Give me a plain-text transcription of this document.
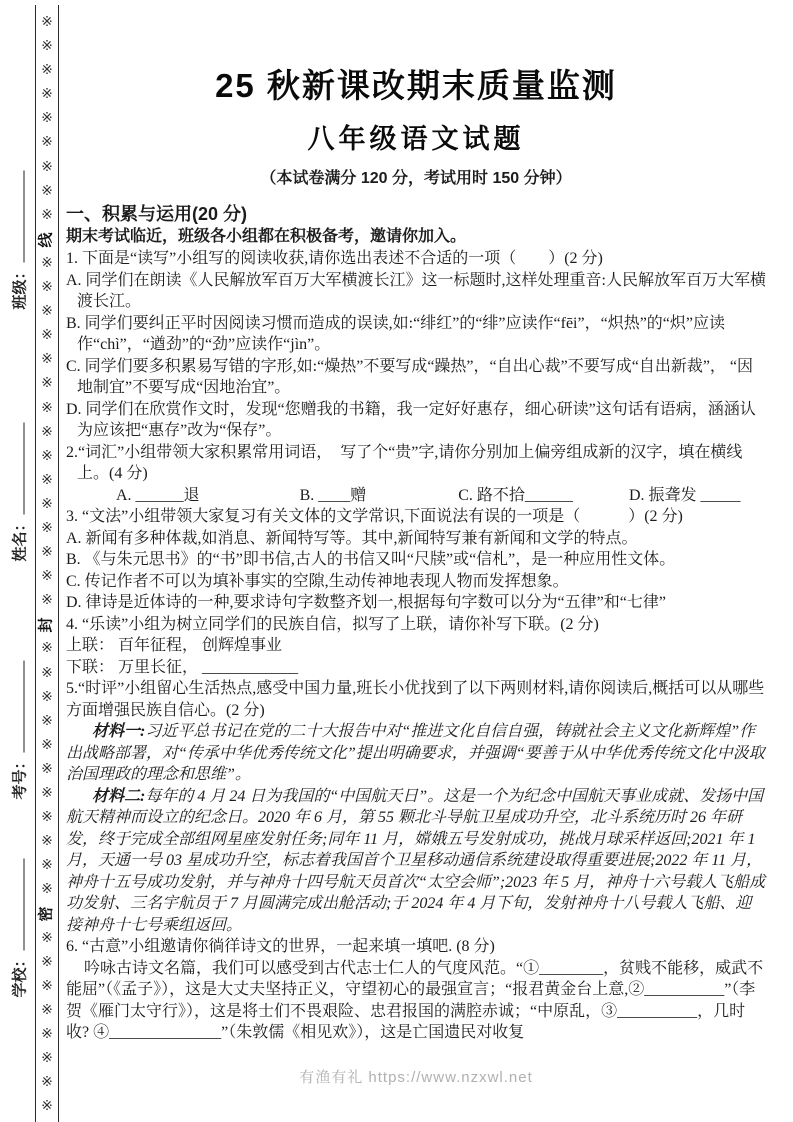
班级：
姓名：
考号：
学校：
※
※
※
※
※
※
※
※
※
线
※
※
※
※
※
※
※
※
※
※
※
※
※
※
※
封
※
※
※
※
※
※
※
※
※
※
※
密
※
※
※
※
※
※
※
※
25 秋新课改期末质量监测
八年级语文试题
（本试卷满分 120 分，考试用时 150 分钟）
一、积累与运用(20 分)
期末考试临近，班级各小组都在积极备考，邀请你加入。

1. 下面是“读写”小组写的阅读收获,请你选出表述不合适的一项（　　）(2 分)

A. 同学们在朗读《人民解放军百万大军横渡长江》这一标题时,这样处理重音:人民解放军百万大军横渡长江。

B. 同学们要纠正平时因阅读习惯而造成的误读,如:“绯红”的“绯”应读作“fēi”，“炽热”的“炽”应读作“chì”，“遒劲”的“劲”应读作“jìn”。

C. 同学们要多积累易写错的字形,如:“燥热”不要写成“躁热”，“自出心裁”不要写成“自出新裁”， “因地制宜”不要写成“因地治宜”。

D. 同学们在欣赏作文时，发现“您赠我的书籍，我一定好好惠存，细心研读”这句话有语病，涵涵认为应该把“惠存”改为“保存”。

2.“词汇”小组带领大家积累常用词语，　写了个“贵”字,请你分别加上偏旁组成新的汉字，填在横线上。(4 分)

A. ______退	B. ____赠	C. 路不拾______	D. 振聋发 _____

3. “文法”小组带领大家复习有关文体的文学常识,下面说法有误的一项是（　　　）(2 分)

A. 新闻有多种体裁,如消息、新闻特写等。其中,新闻特写兼有新闻和文学的特点。

B. 《与朱元思书》的“书”即书信,古人的书信又叫“尺牍”或“信札”，是一种应用性文体。

C. 传记作者不可以为填补事实的空隙,生动传神地表现人物而发挥想象。

D. 律诗是近体诗的一种,要求诗句字数整齐划一,根据每句字数可以分为“五律”和“七律”

4. “乐读”小组为树立同学们的民族自信，拟写了上联，请你补写下联。(2 分)

上联： 百年征程， 创辉煌事业

下联： 万里长征， ____________

5.“时评”小组留心生活热点,感受中国力量,班长小优找到了以下两则材料,请你阅读后,概括可以从哪些方面增强民族自信心。(2 分)

材料一:习近平总书记在党的二十大报告中对“推进文化自信自强，铸就社会主义文化新辉煌”作出战略部署，对“传承中华优秀传统文化”提出明确要求，并强调“要善于从中华优秀传统文化中汲取治国理政的理念和思维”。

材料二:每年的 4 月 24 日为我国的“中国航天日”。这是一个为纪念中国航天事业成就、发扬中国航天精神而设立的纪念日。2020 年 6 月，第 55 颗北斗导航卫星成功升空，北斗系统历时 26 年研发，终于完成全部组网星座发射任务;同年 11 月，嫦娥五号发射成功，挑战月球采样返回;2021 年 1 月，天通一号 03 星成功升空，标志着我国首个卫星移动通信系统建设取得重要进展;2022 年 11 月，神舟十五号成功发射，并与神舟十四号航天员首次“太空会师”;2023 年 5 月，神舟十六号载人飞船成功发射、三名宇航员于 7 月圆满完成出舱活动;于 2024 年 4 月下旬，发射神舟十八号载人飞船、迎接神舟十七号乘组返回。

6. “古意”小组邀请你徜徉诗文的世界，一起来填一填吧. (8 分)

吟咏古诗文名篇，我们可以感受到古代志士仁人的气度风范。“①________，贫贱不能移，威武不能屈”（《孟子》），这是大丈夫坚持正义，守望初心的最强宣言；“报君黄金台上意,②__________”（李贺《雁门太守行》），这是将士们不畏艰险、忠君报国的满腔赤诚；“中原乱，③__________，几时收? ④______________”（朱敦儒《相见欢》），这是亡国遗民对收复

有渔有礼 https://www.nzxwl.net
